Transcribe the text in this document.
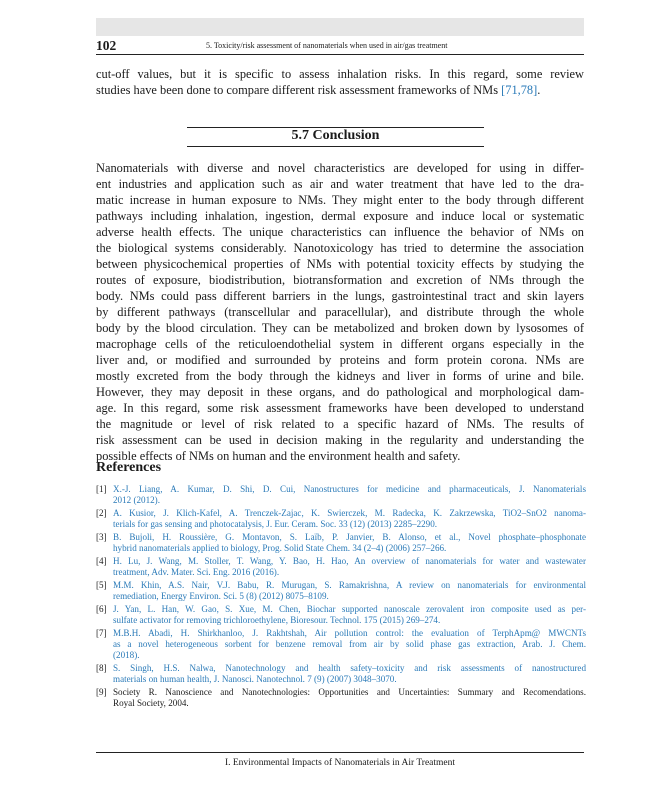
102	5. Toxicity/risk assessment of nanomaterials when used in air/gas treatment
cut-off values, but it is specific to assess inhalation risks. In this regard, some review
studies have been done to compare different risk assessment frameworks of NMs [71,78].
5.7 Conclusion
Nanomaterials with diverse and novel characteristics are developed for using in differ-
ent industries and application such as air and water treatment that have led to the dra-
matic increase in human exposure to NMs. They might enter to the body through different
pathways including inhalation, ingestion, dermal exposure and induce local or systematic
adverse health effects. The unique characteristics can influence the behavior of NMs on
the biological systems considerably. Nanotoxicology has tried to determine the association
between physicochemical properties of NMs with potential toxicity effects by studying the
routes of exposure, biodistribution, biotransformation and excretion of NMs through the
body. NMs could pass different barriers in the lungs, gastrointestinal tract and skin layers
by different pathways (transcellular and paracellular), and distribute through the whole
body by the blood circulation. They can be metabolized and broken down by lysosomes of
macrophage cells of the reticuloendothelial system in different organs especially in the
liver and, or modified and surrounded by proteins and form protein corona. NMs are
mostly excreted from the body through the kidneys and liver in forms of urine and bile.
However, they may deposit in these organs, and do pathological and morphological dam-
age. In this regard, some risk assessment frameworks have been developed to understand
the magnitude or level of risk related to a specific hazard of NMs. The results of
risk assessment can be used in decision making in the regularity and understanding the
possible effects of NMs on human and the environment health and safety.
References
[1] X.-J. Liang, A. Kumar, D. Shi, D. Cui, Nanostructures for medicine and pharmaceuticals, J. Nanomaterials
2012 (2012).
[2] A. Kusior, J. Klich-Kafel, A. Trenczek-Zajac, K. Swierczek, M. Radecka, K. Zakrzewska, TiO2–SnO2 nanoma-
terials for gas sensing and photocatalysis, J. Eur. Ceram. Soc. 33 (12) (2013) 2285–2290.
[3] B. Bujoli, H. Roussière, G. Montavon, S. Laïb, P. Janvier, B. Alonso, et al., Novel phosphate–phosphonate
hybrid nanomaterials applied to biology, Prog. Solid State Chem. 34 (2–4) (2006) 257–266.
[4] H. Lu, J. Wang, M. Stoller, T. Wang, Y. Bao, H. Hao, An overview of nanomaterials for water and wastewater
treatment, Adv. Mater. Sci. Eng. 2016 (2016).
[5] M.M. Khin, A.S. Nair, V.J. Babu, R. Murugan, S. Ramakrishna, A review on nanomaterials for environmental
remediation, Energy Environ. Sci. 5 (8) (2012) 8075–8109.
[6] J. Yan, L. Han, W. Gao, S. Xue, M. Chen, Biochar supported nanoscale zerovalent iron composite used as per-
sulfate activator for removing trichloroethylene, Bioresour. Technol. 175 (2015) 269–274.
[7] M.B.H. Abadi, H. Shirkhanloo, J. Rakhtshah, Air pollution control: the evaluation of TerphApm@ MWCNTs
as a novel heterogeneous sorbent for benzene removal from air by solid phase gas extraction, Arab. J. Chem.
(2018).
[8] S. Singh, H.S. Nalwa, Nanotechnology and health safety–toxicity and risk assessments of nanostructured
materials on human health, J. Nanosci. Nanotechnol. 7 (9) (2007) 3048–3070.
[9] Society R. Nanoscience and Nanotechnologies: Opportunities and Uncertainties: Summary and Recomendations.
Royal Society, 2004.
I. Environmental Impacts of Nanomaterials in Air Treatment
